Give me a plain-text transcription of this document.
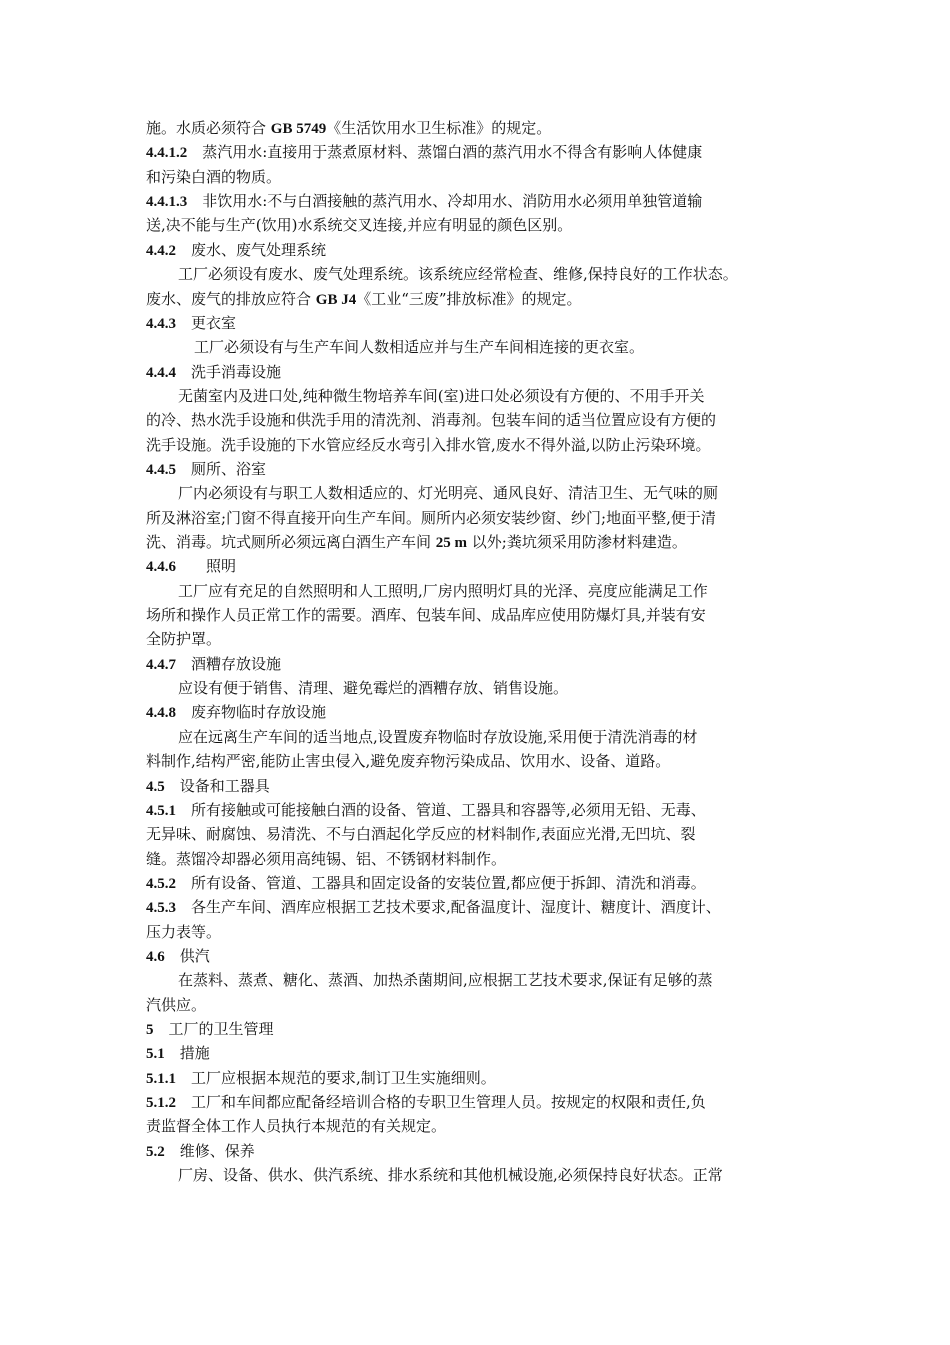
施。水质必须符合 GB 5749《生活饮用水卫生标准》的规定。
4.4.1.2　蒸汽用水:直接用于蒸煮原材料、蒸馏白酒的蒸汽用水不得含有影响人体健康
和污染白酒的物质。
4.4.1.3　非饮用水:不与白酒接触的蒸汽用水、冷却用水、消防用水必须用单独管道输
送,决不能与生产(饮用)水系统交叉连接,并应有明显的颜色区别。
4.4.2　废水、废气处理系统
工厂必须设有废水、废气处理系统。该系统应经常检查、维修,保持良好的工作状态。
废水、废气的排放应符合 GB J4《工业“三废”排放标准》的规定。
4.4.3　更衣室
工厂必须设有与生产车间人数相适应并与生产车间相连接的更衣室。
4.4.4　洗手消毒设施
无菌室内及进口处,纯种微生物培养车间(室)进口处必须设有方便的、不用手开关
的冷、热水洗手设施和供洗手用的清洗剂、消毒剂。包装车间的适当位置应设有方便的
洗手设施。洗手设施的下水管应经反水弯引入排水管,废水不得外溢,以防止污染环境。
4.4.5　厕所、浴室
厂内必须设有与职工人数相适应的、灯光明亮、通风良好、清洁卫生、无气味的厕
所及淋浴室;门窗不得直接开向生产车间。厕所内必须安装纱窗、纱门;地面平整,便于清
洗、消毒。坑式厕所必须远离白酒生产车间 25 m 以外;粪坑须采用防渗材料建造。
4.4.6　　照明
工厂应有充足的自然照明和人工照明,厂房内照明灯具的光泽、亮度应能满足工作
场所和操作人员正常工作的需要。酒库、包装车间、成品库应使用防爆灯具,并装有安
全防护罩。
4.4.7　酒糟存放设施
应设有便于销售、清理、避免霉烂的酒糟存放、销售设施。
4.4.8　废弃物临时存放设施
应在远离生产车间的适当地点,设置废弃物临时存放设施,采用便于清洗消毒的材
料制作,结构严密,能防止害虫侵入,避免废弃物污染成品、饮用水、设备、道路。
4.5　设备和工器具
4.5.1　所有接触或可能接触白酒的设备、管道、工器具和容器等,必须用无铅、无毒、
无异味、耐腐蚀、易清洗、不与白酒起化学反应的材料制作,表面应光滑,无凹坑、裂
缝。蒸馏冷却器必须用高纯锡、铝、不锈钢材料制作。
4.5.2　所有设备、管道、工器具和固定设备的安装位置,都应便于拆卸、清洗和消毒。
4.5.3　各生产车间、酒库应根据工艺技术要求,配备温度计、湿度计、糖度计、酒度计、
压力表等。
4.6　供汽
在蒸料、蒸煮、糖化、蒸酒、加热杀菌期间,应根据工艺技术要求,保证有足够的蒸
汽供应。
5　工厂的卫生管理
5.1　措施
5.1.1　工厂应根据本规范的要求,制订卫生实施细则。
5.1.2　工厂和车间都应配备经培训合格的专职卫生管理人员。按规定的权限和责任,负
责监督全体工作人员执行本规范的有关规定。
5.2　维修、保养
厂房、设备、供水、供汽系统、排水系统和其他机械设施,必须保持良好状态。正常
